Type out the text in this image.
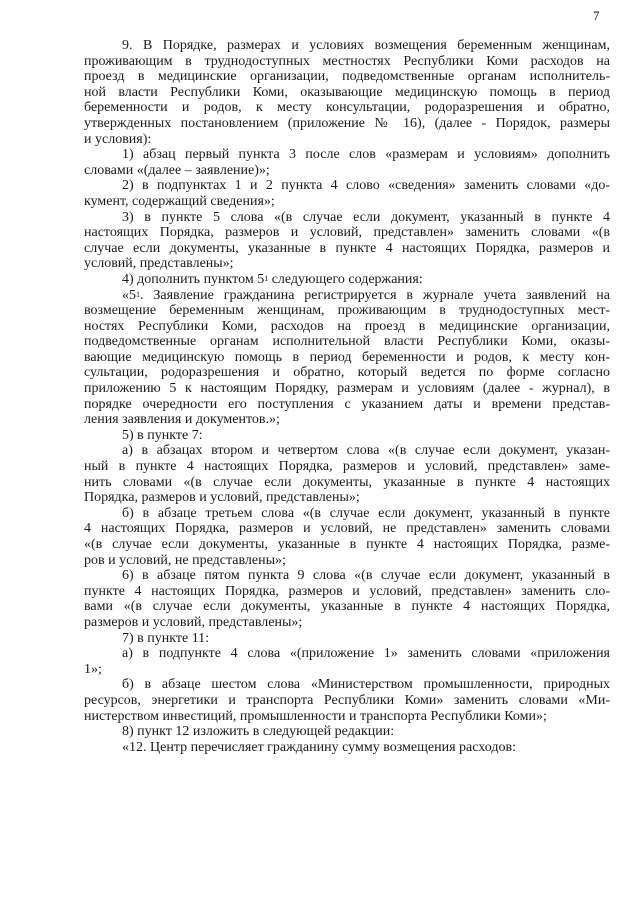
7
9. В Порядке, размерах и условиях возмещения беременным женщинам,
проживающим в труднодоступных местностях Республики Коми расходов на
проезд в медицинские организации, подведомственные органам исполнитель-
ной власти Республики Коми, оказывающие медицинскую помощь в период
беременности и родов, к месту консультации, родоразрешения и обратно,
утвержденных постановлением (приложение № 16), (далее - Порядок, размеры
и условия):
1) абзац первый пункта 3 после слов «размерам и условиям» дополнить
словами «(далее – заявление)»;
2) в подпунктах 1 и 2 пункта 4 слово «сведения» заменить словами «до-
кумент, содержащий сведения»;
3) в пункте 5 слова «(в случае если документ, указанный в пункте 4
настоящих Порядка, размеров и условий, представлен» заменить словами «(в
случае если документы, указанные в пункте 4 настоящих Порядка, размеров и
условий, представлены»;
4) дополнить пунктом $5^1$ следующего содержания:
«$5^1$. Заявление гражданина регистрируется в журнале учета заявлений на
возмещение беременным женщинам, проживающим в труднодоступных мест-
ностях Республики Коми, расходов на проезд в медицинские организации,
подведомственные органам исполнительной власти Республики Коми, оказы-
вающие медицинскую помощь в период беременности и родов, к месту кон-
сультации, родоразрешения и обратно, который ведется по форме согласно
приложению 5 к настоящим Порядку, размерам и условиям (далее - журнал), в
порядке очередности его поступления с указанием даты и времени представ-
ления заявления и документов.»;
5) в пункте 7:
а) в абзацах втором и четвертом слова «(в случае если документ, указан-
ный в пункте 4 настоящих Порядка, размеров и условий, представлен» заме-
нить словами «(в случае если документы, указанные в пункте 4 настоящих
Порядка, размеров и условий, представлены»;
б) в абзаце третьем слова «(в случае если документ, указанный в пункте
4 настоящих Порядка, размеров и условий, не представлен» заменить словами
«(в случае если документы, указанные в пункте 4 настоящих Порядка, разме-
ров и условий, не представлены»;
6) в абзаце пятом пункта 9 слова «(в случае если документ, указанный в
пункте 4 настоящих Порядка, размеров и условий, представлен» заменить сло-
вами «(в случае если документы, указанные в пункте 4 настоящих Порядка,
размеров и условий, представлены»;
7) в пункте 11:
а) в подпункте 4 слова «(приложение 1» заменить словами «приложения
1»;
б) в абзаце шестом слова «Министерством промышленности, природных
ресурсов, энергетики и транспорта Республики Коми» заменить словами «Ми-
нистерством инвестиций, промышленности и транспорта Республики Коми»;
8) пункт 12 изложить в следующей редакции:
«12. Центр перечисляет гражданину сумму возмещения расходов:
